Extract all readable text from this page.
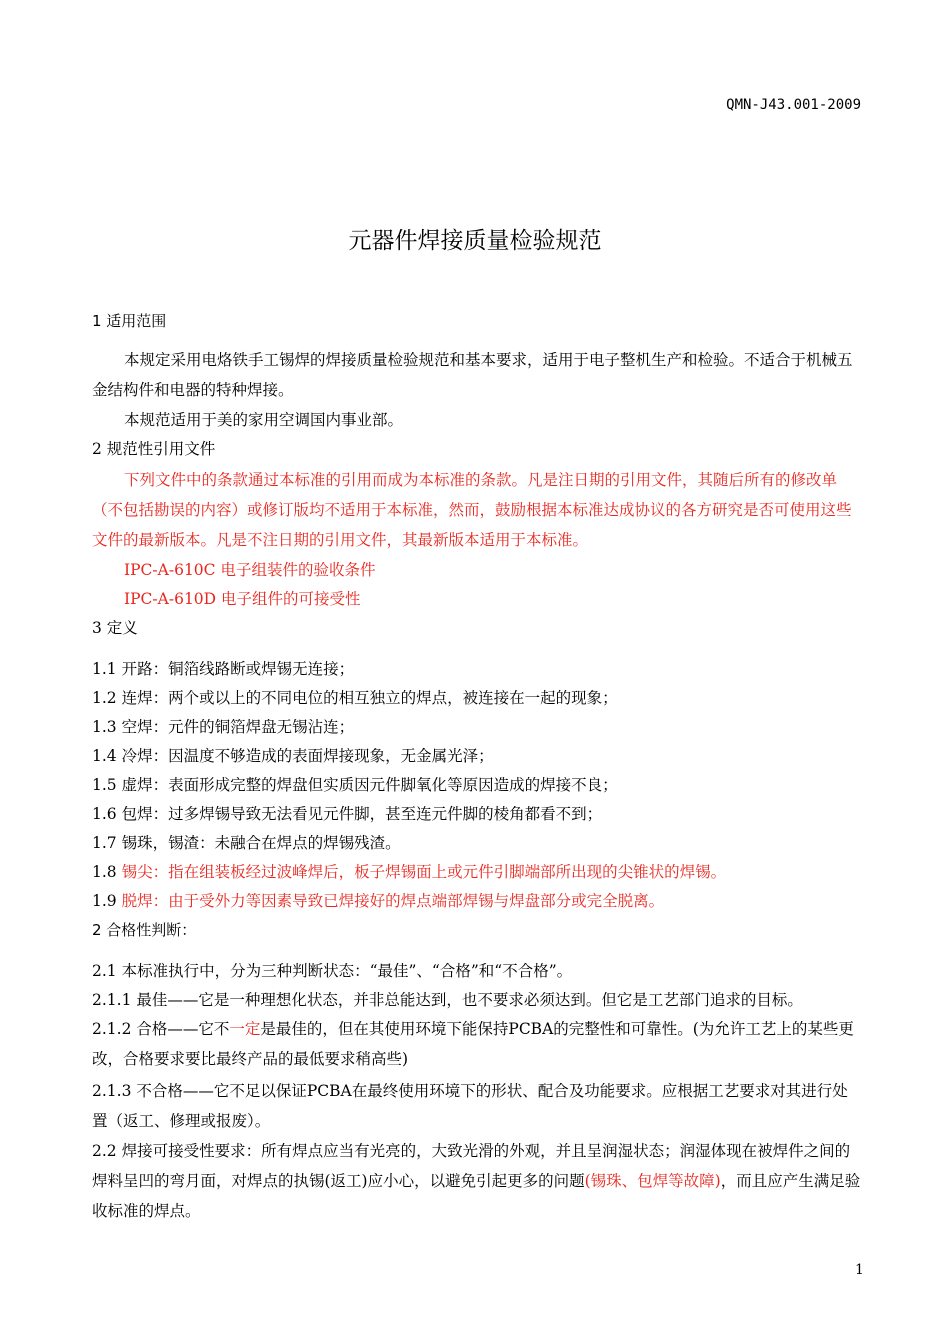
QMN-J43.001-2009
元器件焊接质量检验规范
1 适用范围
本规定采用电烙铁手工锡焊的焊接质量检验规范和基本要求，适用于电子整机生产和检验。不适合于机械五金结构件和电器的特种焊接。
本规范适用于美的家用空调国内事业部。
2 规范性引用文件
下列文件中的条款通过本标准的引用而成为本标准的条款。凡是注日期的引用文件，其随后所有的修改单（不包括勘误的内容）或修订版均不适用于本标准，然而，鼓励根据本标准达成协议的各方研究是否可使用这些文件的最新版本。凡是不注日期的引用文件，其最新版本适用于本标准。
IPC-A-610C 电子组装件的验收条件
IPC-A-610D 电子组件的可接受性
3 定义
1.1 开路：铜箔线路断或焊锡无连接；
1.2 连焊：两个或以上的不同电位的相互独立的焊点，被连接在一起的现象；
1.3 空焊：元件的铜箔焊盘无锡沾连；
1.4 冷焊：因温度不够造成的表面焊接现象，无金属光泽；
1.5 虚焊：表面形成完整的焊盘但实质因元件脚氧化等原因造成的焊接不良；
1.6 包焊：过多焊锡导致无法看见元件脚，甚至连元件脚的棱角都看不到；
1.7 锡珠，锡渣：未融合在焊点的焊锡残渣。
1.8 锡尖：指在组装板经过波峰焊后，板子焊锡面上或元件引脚端部所出现的尖锥状的焊锡。
1.9 脱焊：由于受外力等因素导致已焊接好的焊点端部焊锡与焊盘部分或完全脱离。
2 合格性判断：
2.1 本标准执行中，分为三种判断状态：“最佳”、“合格”和“不合格”。
2.1.1 最佳——它是一种理想化状态，并非总能达到，也不要求必须达到。但它是工艺部门追求的目标。
2.1.2 合格——它不一定是最佳的，但在其使用环境下能保持PCBA的完整性和可靠性。(为允许工艺上的某些更改，合格要求要比最终产品的最低要求稍高些)
2.1.3 不合格——它不足以保证PCBA在最终使用环境下的形状、配合及功能要求。应根据工艺要求对其进行处置（返工、修理或报废）。
2.2 焊接可接受性要求：所有焊点应当有光亮的，大致光滑的外观，并且呈润湿状态；润湿体现在被焊件之间的焊料呈凹的弯月面，对焊点的执锡(返工)应小心，以避免引起更多的问题(锡珠、包焊等故障)，而且应产生满足验收标准的焊点。
1
